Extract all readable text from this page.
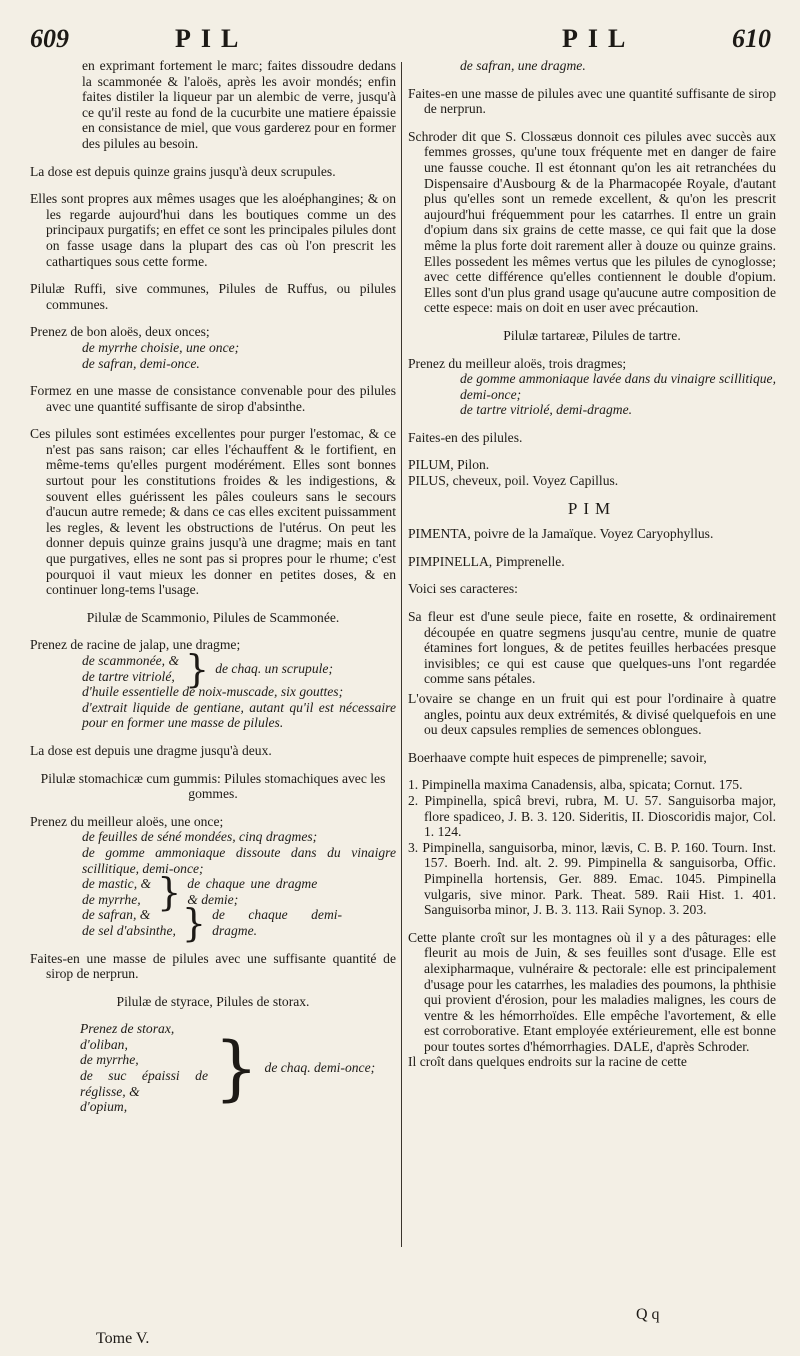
609	PIL	PIL	610

en exprimant fortement le marc; faites dissoudre dedans la scammonée & l'aloës, après les avoir mondés; enfin faites distiler la liqueur par un alembic de verre, jusqu'à ce qu'il reste au fond de la cucurbite une matiere épaissie en consistance de miel, que vous garderez pour en former des pilules au besoin.

La dose est depuis quinze grains jusqu'à deux scrupules.

Elles sont propres aux mêmes usages que les aloéphangines; & on les regarde aujourd'hui dans les boutiques comme un des principaux purgatifs; en effet ce sont les principales pilules dont on fasse usage dans la plupart des cas où l'on prescrit les cathartiques sous cette forme.

Pilulæ Ruffi, sive communes, Pilules de Ruffus, ou pilules communes.

Prenez de bon aloës, deux onces;
de myrrhe choisie, une once;
de safran, demi-once.

Formez en une masse de consistance convenable pour des pilules avec une quantité suffisante de sirop d'absinthe.

Ces pilules sont estimées excellentes pour purger l'estomac, & ce n'est pas sans raison; car elles l'échauffent & le fortifient, en même-tems qu'elles purgent modérément. Elles sont bonnes surtout pour les constitutions froides & les indigestions, & souvent elles guérissent les pâles couleurs sans le secours d'aucun autre remede; & dans ce cas elles excitent puissamment les regles, & levent les obstructions de l'utérus. On peut les donner depuis quinze grains jusqu'à une dragme; mais en tant que purgatives, elles ne sont pas si propres pour le rhume; c'est pourquoi il vaut mieux les donner en petites doses, & en continuer long-tems l'usage.

Pilulæ de Scammonio, Pilules de Scammonée.

Prenez de racine de jalap, une dragme;
de scammonée, &
de tartre vitriolé, } de chaq. un scrupule;
d'huile essentielle de noix-muscade, six gouttes;
d'extrait liquide de gentiane, autant qu'il est nécessaire pour en former une masse de pilules.

La dose est depuis une dragme jusqu'à deux.

Pilulæ stomachicæ cum gummis: Pilules stomachiques avec les gommes.

Prenez du meilleur aloës, une once;
de feuilles de séné mondées, cinq dragmes;
de gomme ammoniaque dissoute dans du vinaigre scillitique, demi-once;
de mastic, &
de myrrhe, } de chaque une dragme & demie;
de safran, &
de sel d'absinthe, } de chaque demi-dragme.

Faites-en une masse de pilules avec une suffisante quantité de sirop de nerprun.

Pilulæ de styrace, Pilules de storax.

Prenez de storax,
d'oliban,
de myrrhe,
de suc épaissi de réglisse, &
d'opium,	} de chaq. demi-once;

de safran, une dragme.

Faites-en une masse de pilules avec une quantité suffisante de sirop de nerprun.

Schroder dit que S. Clossæus donnoit ces pilules avec succès aux femmes grosses, qu'une toux fréquente met en danger de faire une fausse couche. Il est étonnant qu'on les ait retranchées du Dispensaire d'Ausbourg & de la Pharmacopée Royale, d'autant plus qu'elles sont un remede excellent, & qu'on les prescrit aujourd'hui fréquemment pour les catarrhes. Il entre un grain d'opium dans six grains de cette masse, ce qui fait que la dose même la plus forte doit rarement aller à douze ou quinze grains. Elles possedent les mêmes vertus que les pilules de cynoglosse; avec cette différence qu'elles contiennent le double d'opium. Elles sont d'un plus grand usage qu'aucune autre composition de cette espece: mais on doit en user avec précaution.

Pilulæ tartareæ, Pilules de tartre.

Prenez du meilleur aloës, trois dragmes;
de gomme ammoniaque lavée dans du vinaigre scillitique, demi-once;
de tartre vitriolé, demi-dragme.

Faites-en des pilules.

PILUM, Pilon.

PILUS, cheveux, poil. Voyez Capillus.

PIM

PIMENTA, poivre de la Jamaïque. Voyez Caryophyllus.

PIMPINELLA, Pimprenelle.

Voici ses caracteres:

Sa fleur est d'une seule piece, faite en rosette, & ordinairement découpée en quatre segmens jusqu'au centre, munie de quatre étamines fort longues, & de petites feuilles herbacées presque invisibles; ce qui est cause que quelques-uns l'ont regardée comme sans pétales.

L'ovaire se change en un fruit qui est pour l'ordinaire à quatre angles, pointu aux deux extrémités, & divisé quelquefois en une ou deux capsules remplies de semences oblongues.

Boerhaave compte huit especes de pimprenelle; savoir,

1. Pimpinella maxima Canadensis, alba, spicata; Cornut. 175.

2. Pimpinella, spicâ brevi, rubra, M. U. 57. Sanguisorba major, flore spadiceo, J. B. 3. 120. Sideritis, II. Dioscoridis major, Col. 1. 124.

3. Pimpinella, sanguisorba, minor, lævis, C. B. P. 160. Tourn. Inst. 157. Boerh. Ind. alt. 2. 99. Pimpinella & sanguisorba, Offic. Pimpinella hortensis, Ger. 889. Emac. 1045. Pimpinella vulgaris, sive minor. Park. Theat. 589. Raii Hist. 1. 401. Sanguisorba minor, J. B. 3. 113. Raii Synop. 3. 203.

Cette plante croît sur les montagnes où il y a des pâturages: elle fleurit au mois de Juin, & ses feuilles sont d'usage. Elle est alexipharmaque, vulnéraire & pectorale: elle est principalement d'usage pour les catarrhes, les maladies des poumons, la phthisie qui provient d'érosion, pour les maladies malignes, les cours de ventre & les hémorrhoïdes. Elle empêche l'avortement, & elle est corroborative. Etant employée extérieurement, elle est bonne pour toutes sortes d'hémorrhagies. DALE, d'après Schroder.

Il croît dans quelques endroits sur la racine de cette

Tome V.
Q q
